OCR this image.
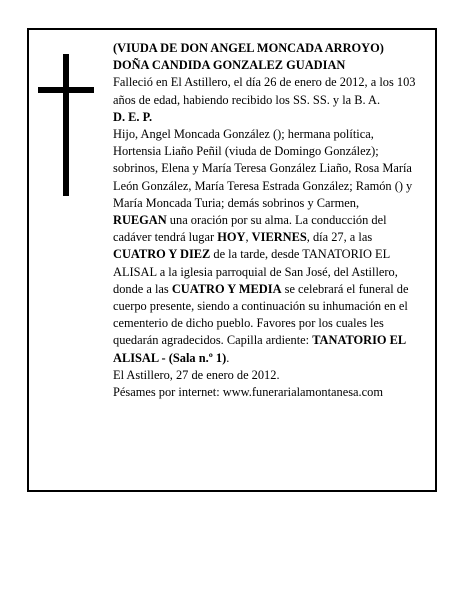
(VIUDA DE DON ANGEL MONCADA ARROYO)

DOÑA CANDIDA GONZALEZ GUADIAN

Falleció en El Astillero, el día 26 de enero de 2012, a los 103 años de edad, habiendo recibido los SS. SS. y la B. A.

D. E. P.

Hijo, Angel Moncada González (); hermana política, Hortensia Liaño Peñil (viuda de Domingo González); sobrinos, Elena y María Teresa González Liaño, Rosa María León González, María Teresa Estrada González; Ramón () y María Moncada Turia; demás sobrinos y Carmen,

RUEGAN una oración por su alma. La conducción del cadáver tendrá lugar HOY, VIERNES, día 27, a las CUATRO Y DIEZ de la tarde, desde TANATORIO EL ALISAL a la iglesia parroquial de San José, del Astillero, donde a las CUATRO Y MEDIA se celebrará el funeral de cuerpo presente, siendo a continuación su inhumación en el cementerio de dicho pueblo. Favores por los cuales les quedarán agradecidos. Capilla ardiente: TANATORIO EL ALISAL - (Sala n.º 1).

El Astillero, 27 de enero de 2012.

Pésames por internet: www.funerarialamontanesa.com
